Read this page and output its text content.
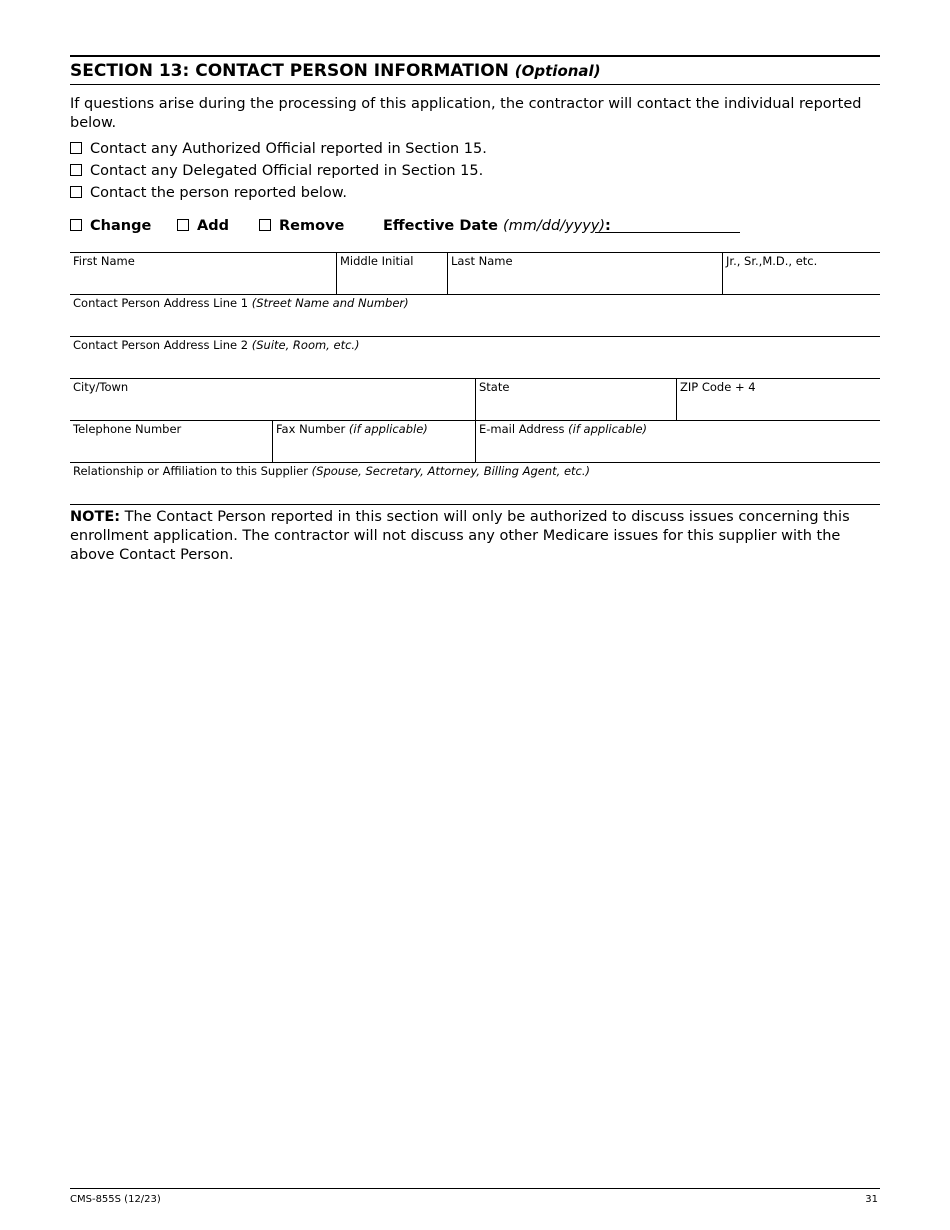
SECTION 13: CONTACT PERSON INFORMATION (Optional)
If questions arise during the processing of this application, the contractor will contact the individual reported below.
Contact any Authorized Official reported in Section 15.
Contact any Delegated Official reported in Section 15.
Contact the person reported below.
Change	Add	Remove	Effective Date (mm/dd/yyyy):
First Name	Middle Initial	Last Name	Jr., Sr.,M.D., etc.
Contact Person Address Line 1 (Street Name and Number)
Contact Person Address Line 2 (Suite, Room, etc.)
City/Town	State	ZIP Code + 4
Telephone Number	Fax Number (if applicable)	E-mail Address (if applicable)
Relationship or Affiliation to this Supplier (Spouse, Secretary, Attorney, Billing Agent, etc.)
NOTE: The Contact Person reported in this section will only be authorized to discuss issues concerning this enrollment application. The contractor will not discuss any other Medicare issues for this supplier with the above Contact Person.
CMS-855S (12/23)	31
